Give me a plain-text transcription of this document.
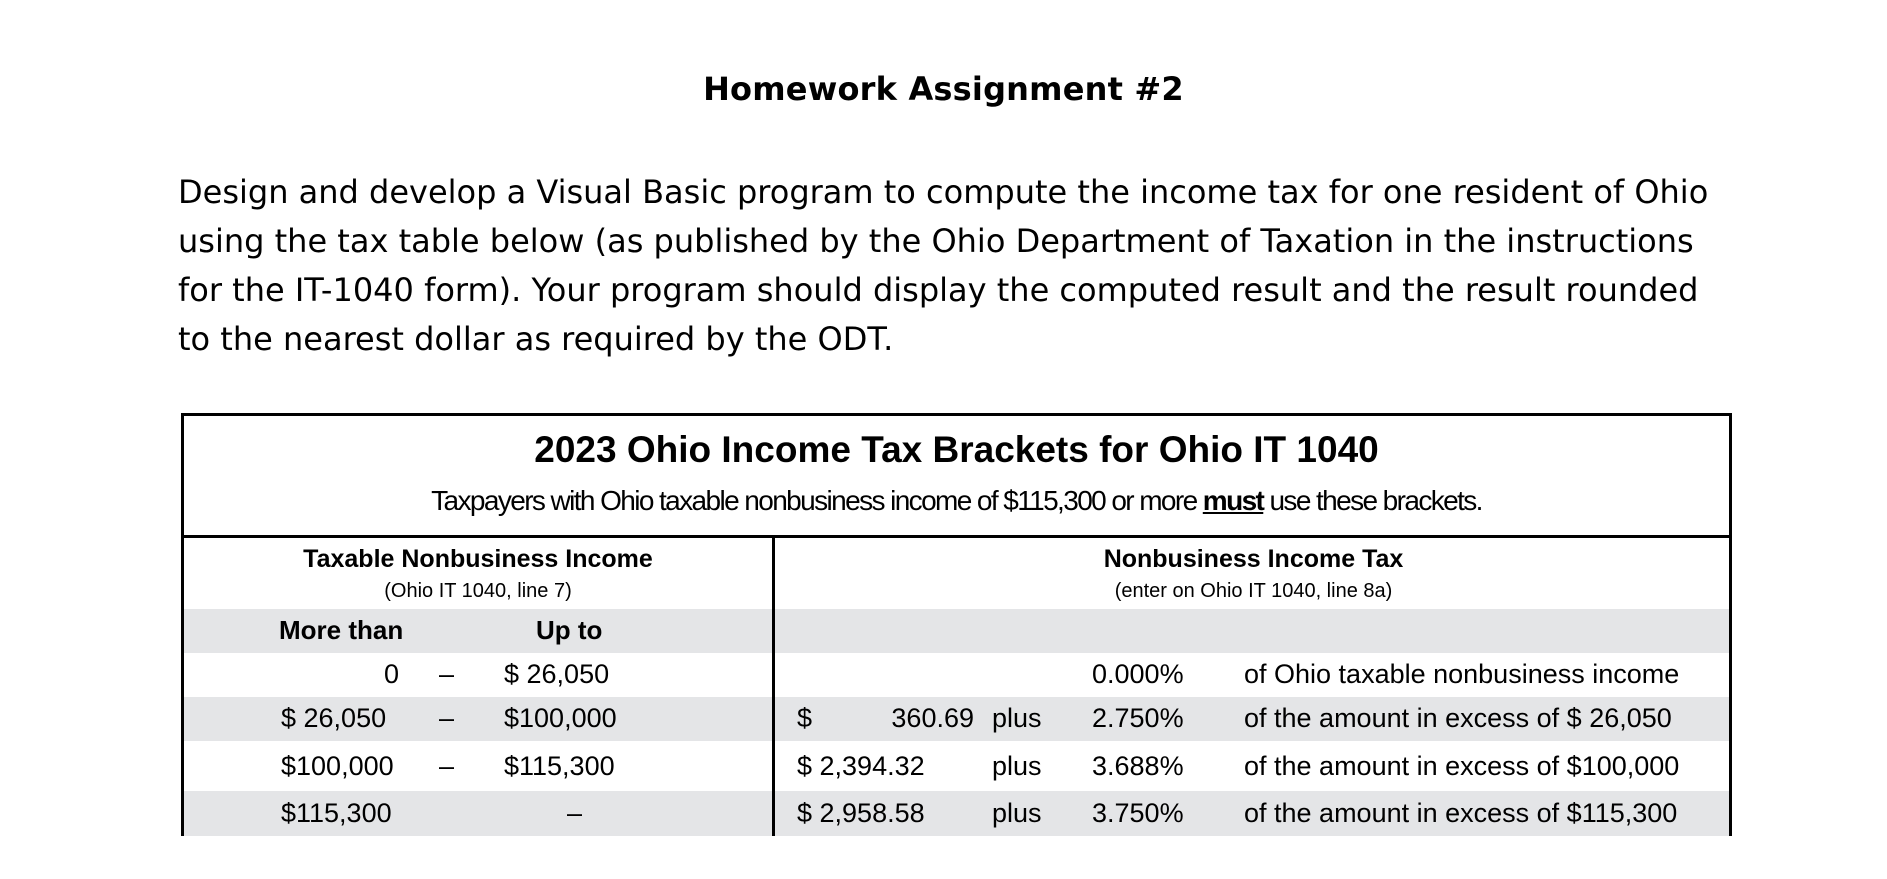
Homework Assignment #2
Design and develop a Visual Basic program to compute the income tax for one resident of Ohio
using the tax table below (as published by the Ohio Department of Taxation in the instructions
for the IT-1040 form). Your program should display the computed result and the result rounded
to the nearest dollar as required by the ODT.
2023 Ohio Income Tax Brackets for Ohio IT 1040
Taxpayers with Ohio taxable nonbusiness income of $115,300 or more must use these brackets.
Taxable Nonbusiness Income
(Ohio IT 1040, line 7)
Nonbusiness Income Tax
(enter on Ohio IT 1040, line 8a)
More than	Up to
0 – $ 26,050	0.000% of Ohio taxable nonbusiness income
$ 26,050 – $100,000	$	360.69 plus 2.750% of the amount in excess of $ 26,050
$100,000 – $115,300	$ 2,394.32 plus 3.688% of the amount in excess of $100,000
$115,300	–	$ 2,958.58 plus 3.750% of the amount in excess of $115,300
